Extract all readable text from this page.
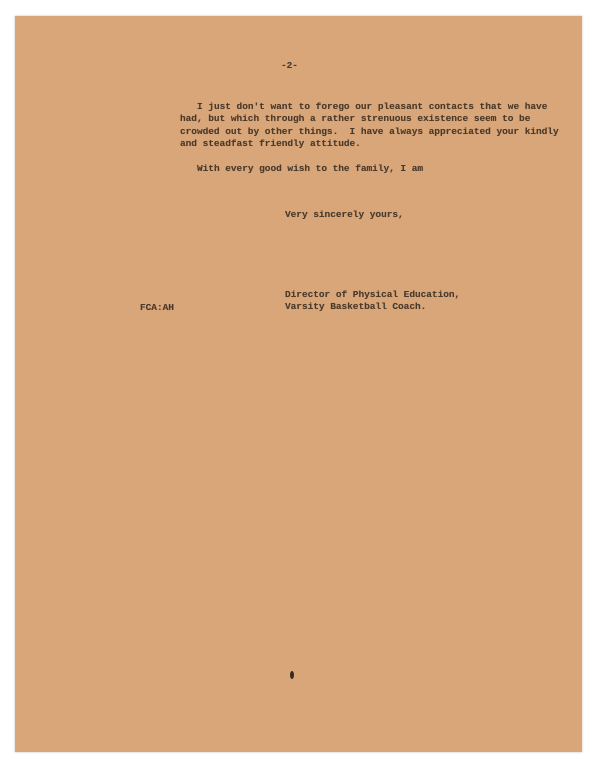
-2-
I just don't want to forego our pleasant contacts that we have
had, but which through a rather strenuous existence seem to be
crowded out by other things.  I have always appreciated your kindly
and steadfast friendly attitude.
With every good wish to the family, I am
Very sincerely yours,
Director of Physical Education,
Varsity Basketball Coach.
FCA:AH
